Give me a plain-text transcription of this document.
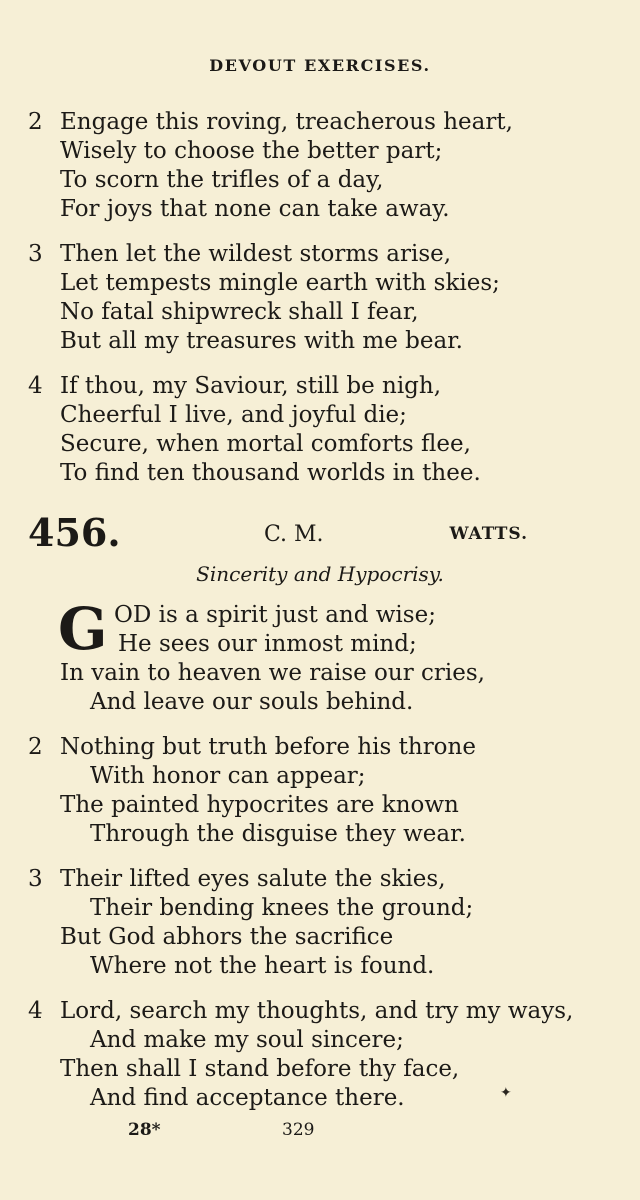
DEVOUT EXERCISES.
2 Engage this roving, treacherous heart,
Wisely to choose the better part;
To scorn the trifles of a day,
For joys that none can take away.
3 Then let the wildest storms arise,
Let tempests mingle earth with skies;
No fatal shipwreck shall I fear,
But all my treasures with me bear.
4 If thou, my Saviour, still be nigh,
Cheerful I live, and joyful die;
Secure, when mortal comforts flee,
To find ten thousand worlds in thee.
456.	C. M.	WATTS.
Sincerity and Hypocrisy.
G OD is a spirit just and wise;
He sees our inmost mind;
In vain to heaven we raise our cries,
And leave our souls behind.
2 Nothing but truth before his throne
With honor can appear;
The painted hypocrites are known
Through the disguise they wear.
3 Their lifted eyes salute the skies,
Their bending knees the ground;
But God abhors the sacrifice
Where not the heart is found.
4 Lord, search my thoughts, and try my ways,
And make my soul sincere;
Then shall I stand before thy face,
And find acceptance there.	✦
28*	329
